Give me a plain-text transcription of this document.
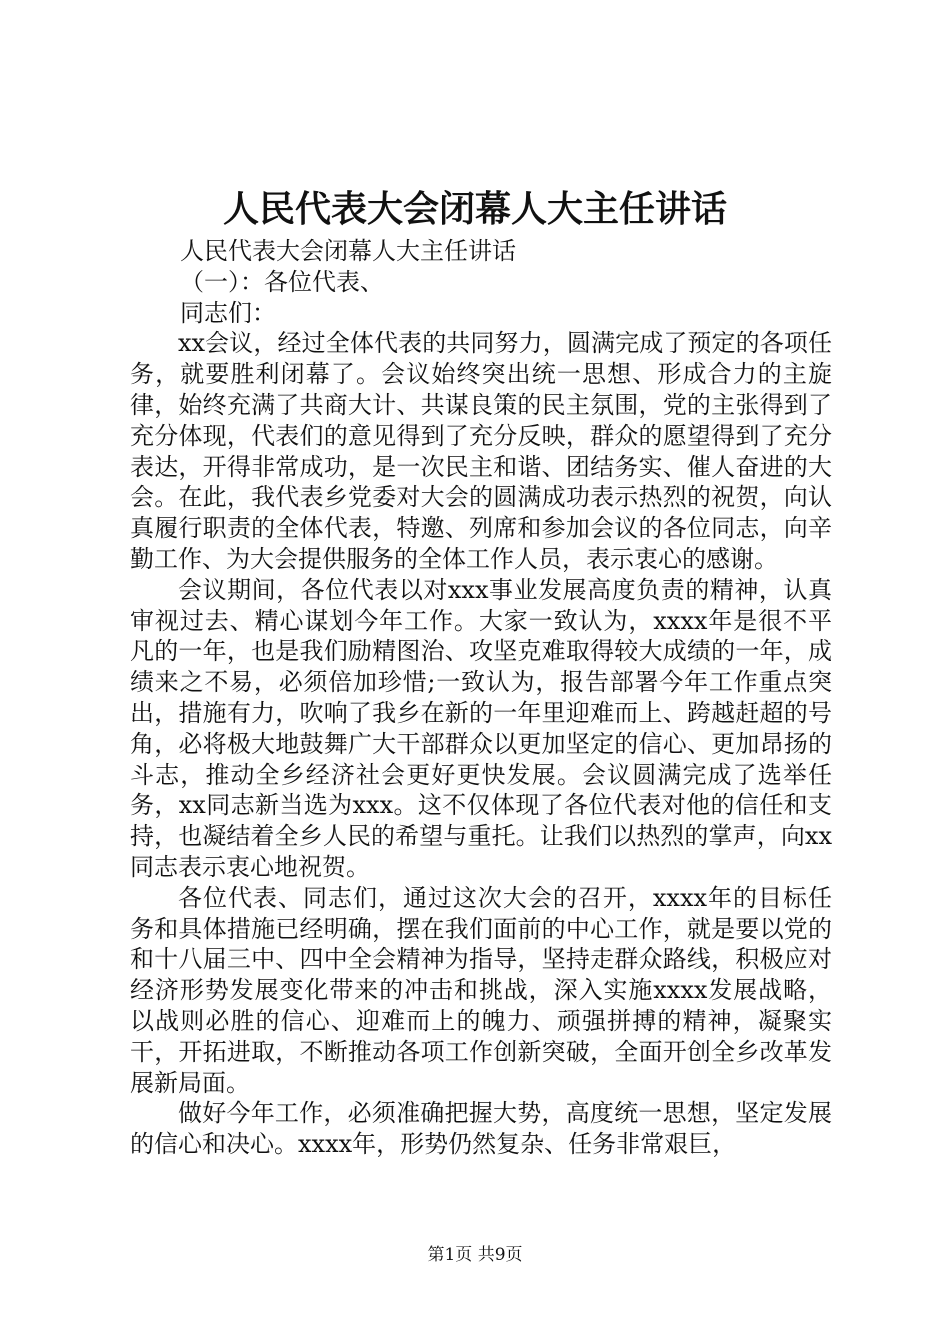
人民代表大会闭幕人大主任讲话

人民代表大会闭幕人大主任讲话

（一）：各位代表、

同志们：

xx会议，经过全体代表的共同努力，圆满完成了预定的各项任务，就要胜利闭幕了。会议始终突出统一思想、形成合力的主旋律，始终充满了共商大计、共谋良策的民主氛围，党的主张得到了充分体现，代表们的意见得到了充分反映，群众的愿望得到了充分表达，开得非常成功，是一次民主和谐、团结务实、催人奋进的大会。在此，我代表乡党委对大会的圆满成功表示热烈的祝贺，向认真履行职责的全体代表，特邀、列席和参加会议的各位同志，向辛勤工作、为大会提供服务的全体工作人员，表示衷心的感谢。

会议期间，各位代表以对xxx事业发展高度负责的精神，认真审视过去、精心谋划今年工作。大家一致认为，xxxx年是很不平凡的一年，也是我们励精图治、攻坚克难取得较大成绩的一年，成绩来之不易，必须倍加珍惜;一致认为，报告部署今年工作重点突出，措施有力，吹响了我乡在新的一年里迎难而上、跨越赶超的号角，必将极大地鼓舞广大干部群众以更加坚定的信心、更加昂扬的斗志，推动全乡经济社会更好更快发展。会议圆满完成了选举任务，xx同志新当选为xxx。这不仅体现了各位代表对他的信任和支持，也凝结着全乡人民的希望与重托。让我们以热烈的掌声，向xx同志表示衷心地祝贺。

各位代表、同志们，通过这次大会的召开，xxxx年的目标任务和具体措施已经明确，摆在我们面前的中心工作，就是要以党的和十八届三中、四中全会精神为指导，坚持走群众路线，积极应对经济形势发展变化带来的冲击和挑战，深入实施xxxx发展战略，以战则必胜的信心、迎难而上的魄力、顽强拼搏的精神，凝聚实干，开拓进取，不断推动各项工作创新突破，全面开创全乡改革发展新局面。

做好今年工作，必须准确把握大势，高度统一思想，坚定发展的信心和决心。xxxx年，形势仍然复杂、任务非常艰巨，

第1页 共9页
